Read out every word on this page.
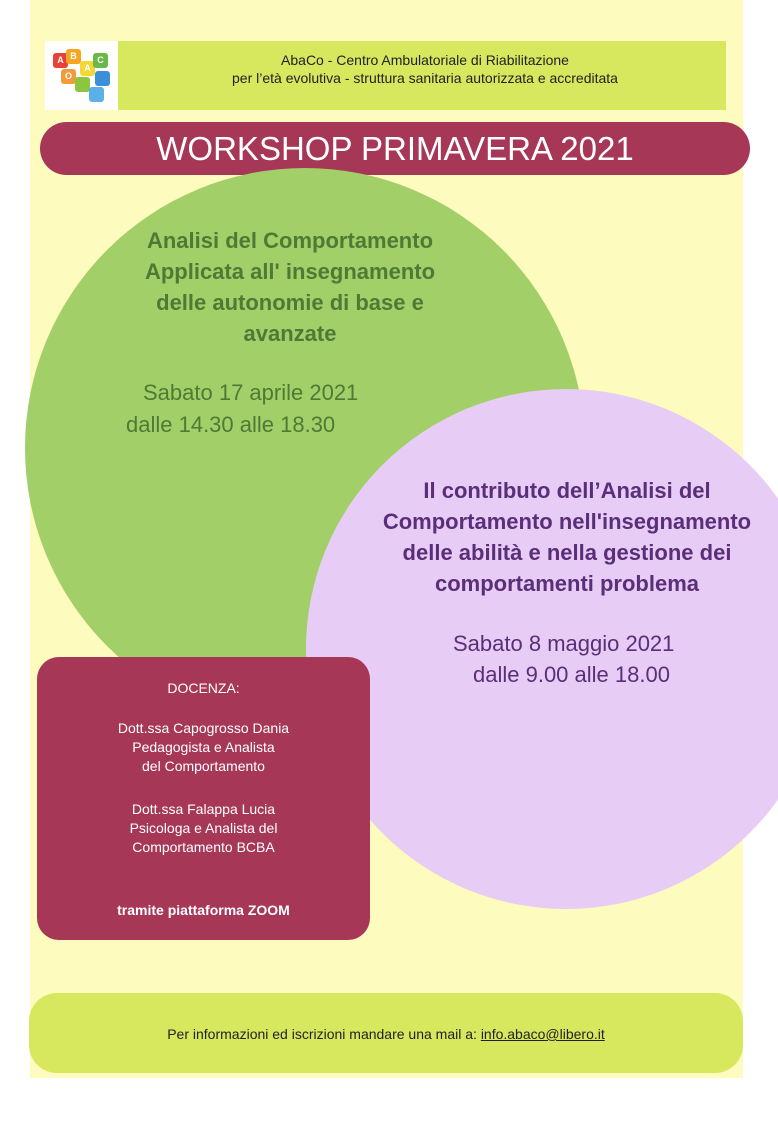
A B
A
C
O
AbaCo - Centro Ambulatoriale di Riabilitazione
per l’età evolutiva - struttura sanitaria autorizzata e accreditata
WORKSHOP PRIMAVERA 2021
Analisi del Comportamento
Applicata all' insegnamento
delle autonomie di base e
avanzate
Sabato 17 aprile 2021
dalle 14.30 alle 18.30
Il contributo dell’Analisi del
Comportamento nell'insegnamento
delle abilità e nella gestione dei
comportamenti problema
Sabato 8 maggio 2021
dalle 9.00 alle 18.00
DOCENZA:
Dott.ssa Capogrosso Dania
Pedagogista e Analista
del Comportamento
Dott.ssa Falappa Lucia
Psicologa e Analista del
Comportamento BCBA
tramite piattaforma ZOOM
Per informazioni ed iscrizioni mandare una mail a: info.abaco@libero.it
